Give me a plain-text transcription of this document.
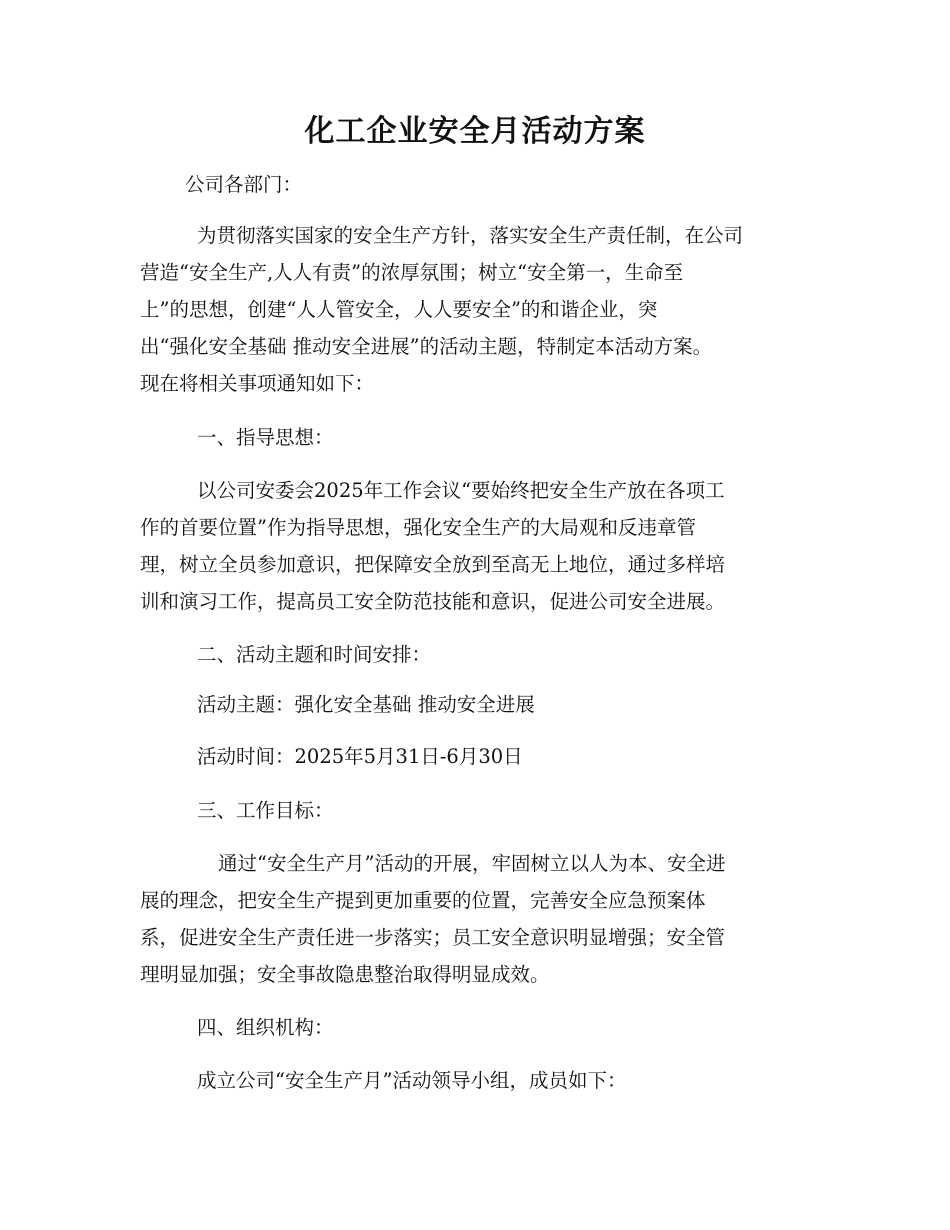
化工企业安全月活动方案
公司各部门：
为贯彻落实国家的安全生产方针，落实安全生产责任制，在公司
营造“安全生产,人人有责”的浓厚氛围；树立“安全第一，生命至
上”的思想，创建“人人管安全，人人要安全”的和谐企业，突
出“强化安全基础 推动安全进展”的活动主题，特制定本活动方案。
现在将相关事项通知如下：
一、指导思想：
以公司安委会2025年工作会议“要始终把安全生产放在各项工
作的首要位置”作为指导思想，强化安全生产的大局观和反违章管
理，树立全员参加意识，把保障安全放到至高无上地位，通过多样培
训和演习工作，提高员工安全防范技能和意识，促进公司安全进展。
二、活动主题和时间安排：
活动主题：强化安全基础 推动安全进展
活动时间：2025年5月31日-6月30日
三、工作目标：
通过“安全生产月”活动的开展，牢固树立以人为本、安全进
展的理念，把安全生产提到更加重要的位置，完善安全应急预案体
系，促进安全生产责任进一步落实；员工安全意识明显增强；安全管
理明显加强；安全事故隐患整治取得明显成效。
四、组织机构：
成立公司“安全生产月”活动领导小组，成员如下：
